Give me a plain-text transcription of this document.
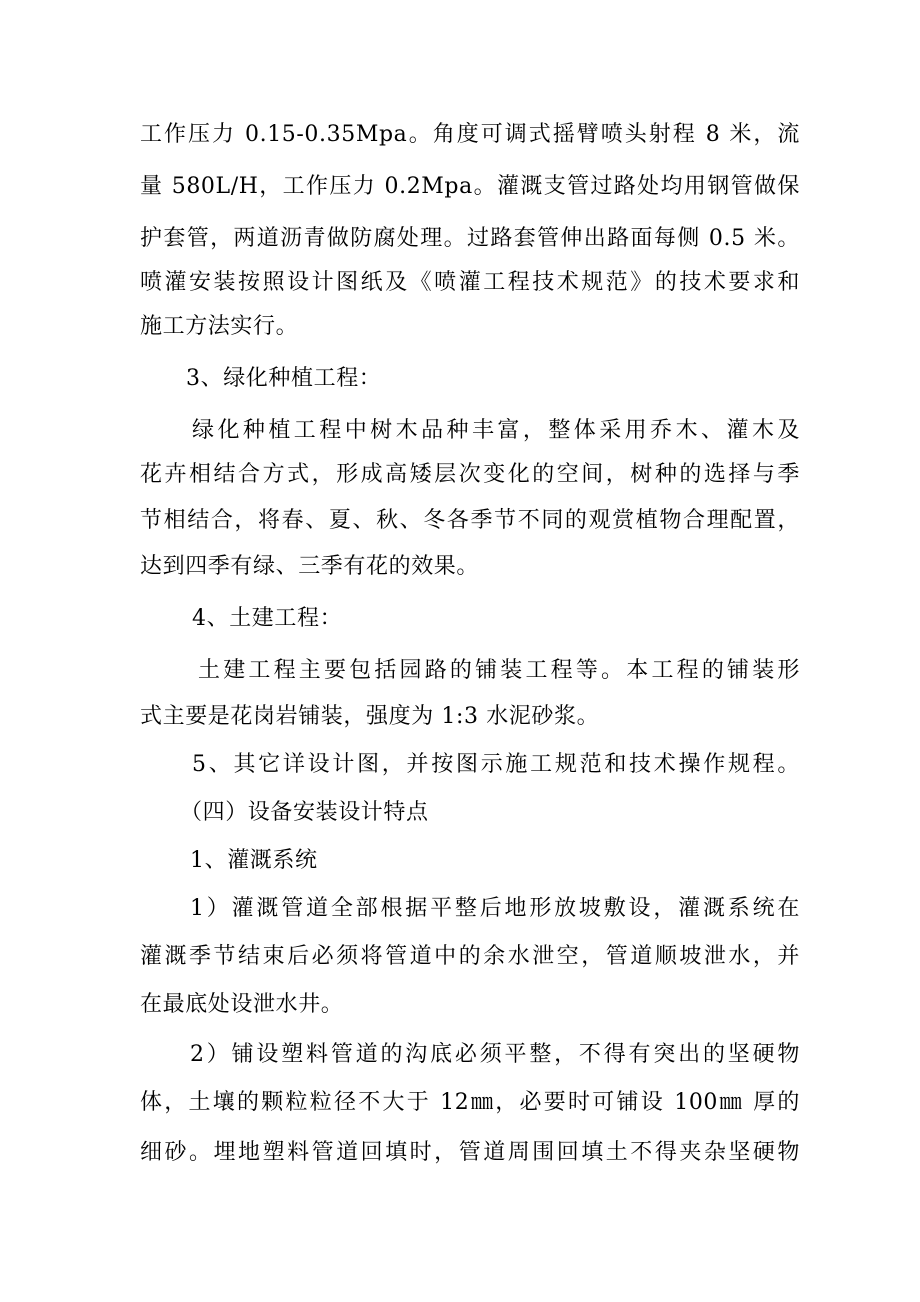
工作压力 0.15-0.35Mpa。角度可调式摇臂喷头射程 8 米，流
量 580L/H，工作压力 0.2Mpa。灌溉支管过路处均用钢管做保
护套管，两道沥青做防腐处理。过路套管伸出路面每侧 0.5 米。
喷灌安装按照设计图纸及《喷灌工程技术规范》的技术要求和
施工方法实行。
3、绿化种植工程：
绿化种植工程中树木品种丰富，整体采用乔木、灌木及
花卉相结合方式，形成高矮层次变化的空间，树种的选择与季
节相结合，将春、夏、秋、冬各季节不同的观赏植物合理配置，
达到四季有绿、三季有花的效果。
4、土建工程：
土建工程主要包括园路的铺装工程等。本工程的铺装形
式主要是花岗岩铺装，强度为 1:3 水泥砂浆。
5、其它详设计图，并按图示施工规范和技术操作规程。
（四）设备安装设计特点
1、灌溉系统
1）灌溉管道全部根据平整后地形放坡敷设，灌溉系统在
灌溉季节结束后必须将管道中的余水泄空，管道顺坡泄水，并
在最底处设泄水井。
2）铺设塑料管道的沟底必须平整，不得有突出的坚硬物
体，土壤的颗粒粒径不大于 12㎜，必要时可铺设 100㎜ 厚的
细砂。埋地塑料管道回填时，管道周围回填土不得夹杂坚硬物
